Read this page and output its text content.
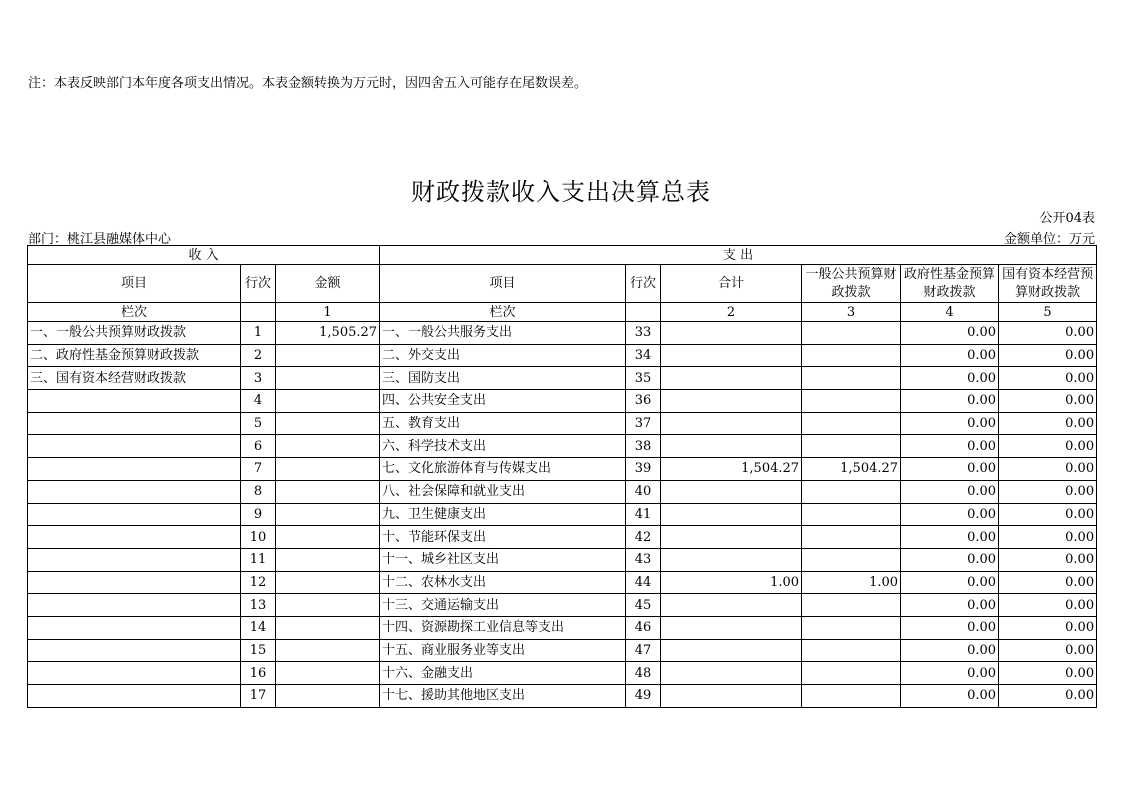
注：本表反映部门本年度各项支出情况。本表金额转换为万元时，因四舍五入可能存在尾数误差。
财政拨款收入支出决算总表
公开04表
部门：桃江县融媒体中心	金额单位：万元
收 入			支 出					
项目	行次	金额	项目	行次	合计	一般公共预算财政拨款	政府性基金预算财政拨款	国有资本经营预算财政拨款
栏次		1	栏次		2	3	4	5
一、一般公共预算财政拨款	1	1,505.27	一、一般公共服务支出	33			0.00	0.00
二、政府性基金预算财政拨款	2		二、外交支出	34			0.00	0.00
三、国有资本经营财政拨款	3		三、国防支出	35			0.00	0.00
	4		四、公共安全支出	36			0.00	0.00
	5		五、教育支出	37			0.00	0.00
	6		六、科学技术支出	38			0.00	0.00
	7		七、文化旅游体育与传媒支出	39	1,504.27	1,504.27	0.00	0.00
	8		八、社会保障和就业支出	40			0.00	0.00
	9		九、卫生健康支出	41			0.00	0.00
	10		十、节能环保支出	42			0.00	0.00
	11		十一、城乡社区支出	43			0.00	0.00
	12		十二、农林水支出	44	1.00	1.00	0.00	0.00
	13		十三、交通运输支出	45			0.00	0.00
	14		十四、资源勘探工业信息等支出	46			0.00	0.00
	15		十五、商业服务业等支出	47			0.00	0.00
	16		十六、金融支出	48			0.00	0.00
	17		十七、援助其他地区支出	49			0.00	0.00
